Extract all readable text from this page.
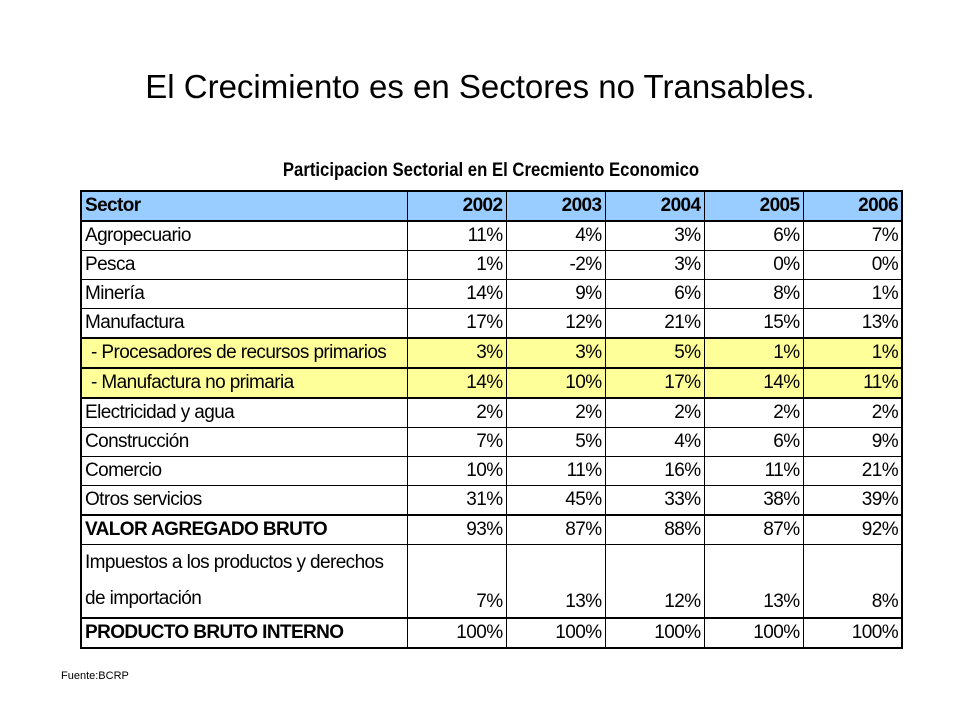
El Crecimiento es en Sectores no Transables.
Participacion Sectorial en El Crecmiento Economico
Sector	2002	2003	2004	2005	2006
Agropecuario	11%	4%	3%	6%	7%
Pesca	1%	-2%	3%	0%	0%
Minería	14%	9%	6%	8%	1%
Manufactura	17%	12%	21%	15%	13%
- Procesadores de recursos primarios	3%	3%	5%	1%	1%
- Manufactura no primaria	14%	10%	17%	14%	11%
Electricidad y agua	2%	2%	2%	2%	2%
Construcción	7%	5%	4%	6%	9%
Comercio	10%	11%	16%	11%	21%
Otros servicios	31%	45%	33%	38%	39%
VALOR AGREGADO BRUTO	93%	87%	88%	87%	92%
Impuestos a los productos y derechos de importación	7%	13%	12%	13%	8%
PRODUCTO BRUTO INTERNO	100%	100%	100%	100%	100%
Fuente:BCRP
